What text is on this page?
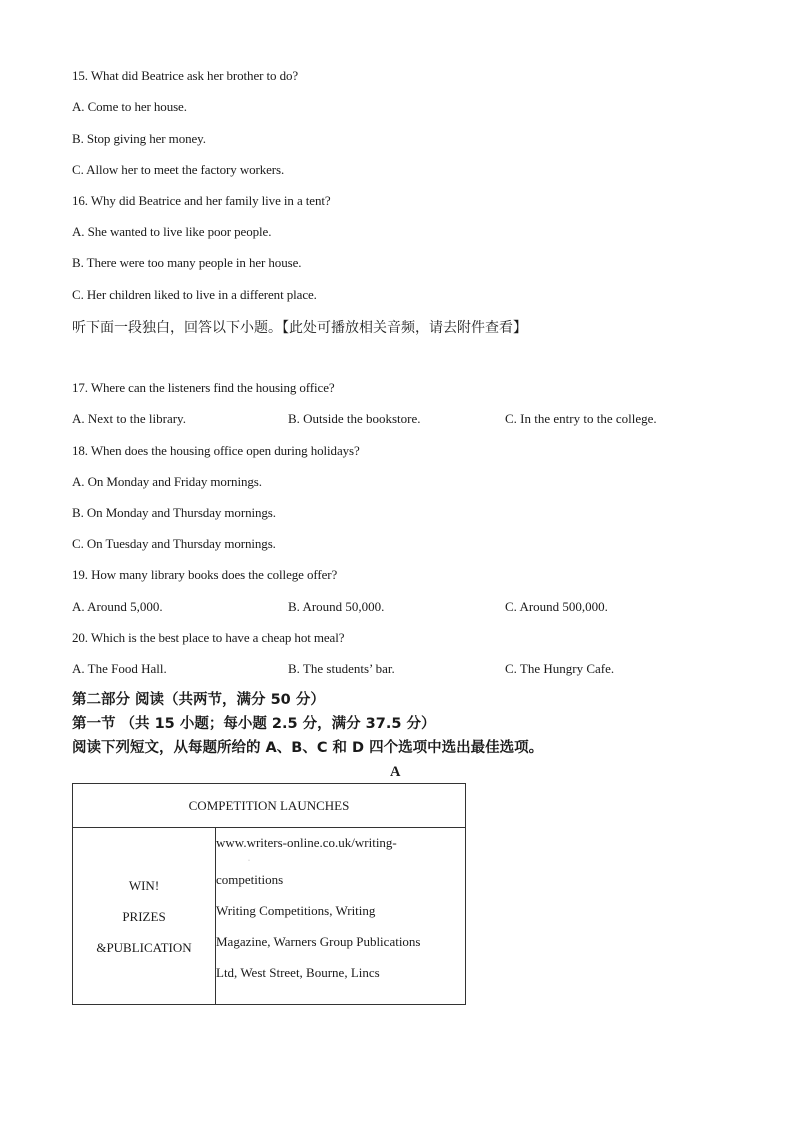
15. What did Beatrice ask her brother to do?
A. Come to her house.
B. Stop giving her money.
C. Allow her to meet the factory workers.
16. Why did Beatrice and her family live in a tent?
A. She wanted to live like poor people.
B. There were too many people in her house.
C. Her children liked to live in a different place.
听下面一段独白，回答以下小题。【此处可播放相关音频，请去附件查看】
17. Where can the listeners find the housing office?
A. Next to the library.	B. Outside the bookstore.	C. In the entry to the college.
18. When does the housing office open during holidays?
A. On Monday and Friday mornings.
B. On Monday and Thursday mornings.
C. On Tuesday and Thursday mornings.
19. How many library books does the college offer?
A. Around 5,000.	B. Around 50,000.	C. Around 500,000.
20. Which is the best place to have a cheap hot meal?
A. The Food Hall.	B. The students’ bar.	C. The Hungry Cafe.
第二部分 阅读（共两节，满分 50 分）
第一节 （共 15 小题；每小题 2.5 分，满分 37.5 分）
阅读下列短文，从每题所给的 A、B、C 和 D 四个选项中选出最佳选项。
A
COMPETITION LAUNCHES

WIN!
PRIZES
&PUBLICATION

www.writers-online.co.uk/writing-
·
competitions
Writing Competitions, Writing
Magazine, Warners Group Publications
Ltd, West Street, Bourne, Lincs
